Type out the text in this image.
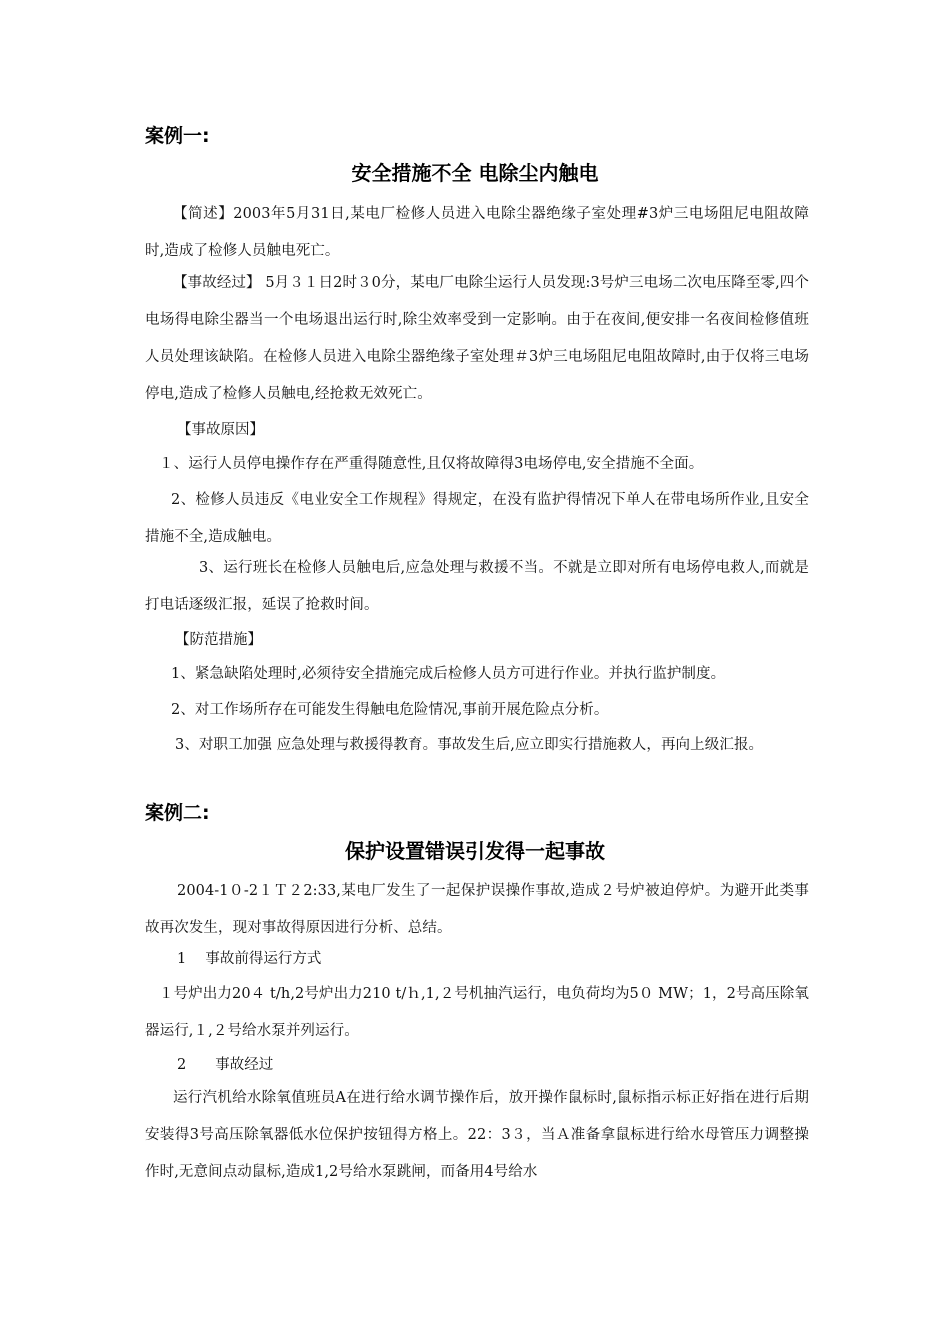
案例一:

安全措施不全 电除尘内触电

【简述】2003年5月31日,某电厂检修人员进入电除尘器绝缘子室处理#3炉三电场阻尼电阻故障时,造成了检修人员触电死亡。

【事故经过】 5月３１日2时３0分，某电厂电除尘运行人员发现:3号炉三电场二次电压降至零,四个电场得电除尘器当一个电场退出运行时,除尘效率受到一定影响。由于在夜间,便安排一名夜间检修值班人员处理该缺陷。在检修人员进入电除尘器绝缘子室处理＃3炉三电场阻尼电阻故障时,由于仅将三电场停电,造成了检修人员触电,经抢救无效死亡。

【事故原因】

１、运行人员停电操作存在严重得随意性,且仅将故障得3电场停电,安全措施不全面。

2、检修人员违反《电业安全工作规程》得规定，在没有监护得情况下单人在带电场所作业,且安全措施不全,造成触电。

3、运行班长在检修人员触电后,应急处理与救援不当。不就是立即对所有电场停电救人,而就是打电话逐级汇报，延误了抢救时间。

【防范措施】

1、紧急缺陷处理时,必须待安全措施完成后检修人员方可进行作业。并执行监护制度。

2、对工作场所存在可能发生得触电危险情况,事前开展危险点分析。

3、对职工加强 应急处理与救援得教育。事故发生后,应立即实行措施救人，再向上级汇报。

案例二:

保护设置错误引发得一起事故

2004-1０-2１Ｔ２2:33,某电厂发生了一起保护误操作事故,造成２号炉被迫停炉。为避开此类事故再次发生，现对事故得原因进行分析、总结。

1　 事故前得运行方式

１号炉出力20４ t/h,2号炉出力210 t/ｈ,1,２号机抽汽运行，电负荷均为5０ MW；1，2号高压除氧器运行,１,２号给水泵并列运行。

2　　事故经过

运行汽机给水除氧值班员A在进行给水调节操作后，放开操作鼠标时,鼠标指示标正好指在进行后期安装得3号高压除氧器低水位保护按钮得方格上。22：3３，当Ａ准备拿鼠标进行给水母管压力调整操作时,无意间点动鼠标,造成1,2号给水泵跳闸，而备用4号给水
